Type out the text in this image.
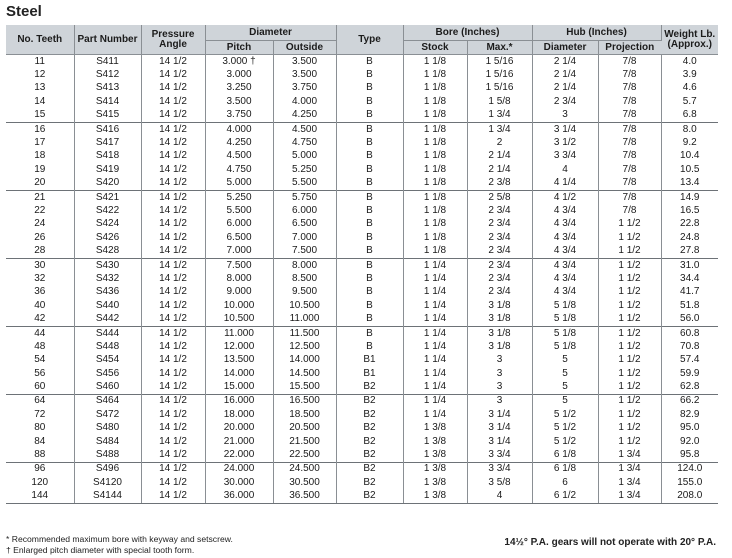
Steel
No. Teeth	Part Number	Pressure Angle	Diameter		Type	Bore (Inches)		Hub (Inches)		Weight Lb. (Approx.)
			Pitch	Outside		Stock	Max.*	Diameter	Projection	
11	S411	14 1/2	3.000 †	3.500	B	1 1/8	1 5/16	2 1/4	7/8	4.0
12	S412	14 1/2	3.000	3.500	B	1 1/8	1 5/16	2 1/4	7/8	3.9
13	S413	14 1/2	3.250	3.750	B	1 1/8	1 5/16	2 1/4	7/8	4.6
14	S414	14 1/2	3.500	4.000	B	1 1/8	1 5/8	2 3/4	7/8	5.7
15	S415	14 1/2	3.750	4.250	B	1 1/8	1 3/4	3	7/8	6.8
16	S416	14 1/2	4.000	4.500	B	1 1/8	1 3/4	3 1/4	7/8	8.0
17	S417	14 1/2	4.250	4.750	B	1 1/8	2	3 1/2	7/8	9.2
18	S418	14 1/2	4.500	5.000	B	1 1/8	2 1/4	3 3/4	7/8	10.4
19	S419	14 1/2	4.750	5.250	B	1 1/8	2 1/4	4	7/8	10.5
20	S420	14 1/2	5.000	5.500	B	1 1/8	2 3/8	4 1/4	7/8	13.4
21	S421	14 1/2	5.250	5.750	B	1 1/8	2 5/8	4 1/2	7/8	14.9
22	S422	14 1/2	5.500	6.000	B	1 1/8	2 3/4	4 3/4	7/8	16.5
24	S424	14 1/2	6.000	6.500	B	1 1/8	2 3/4	4 3/4	1 1/2	22.8
26	S426	14 1/2	6.500	7.000	B	1 1/8	2 3/4	4 3/4	1 1/2	24.8
28	S428	14 1/2	7.000	7.500	B	1 1/8	2 3/4	4 3/4	1 1/2	27.8
30	S430	14 1/2	7.500	8.000	B	1 1/4	2 3/4	4 3/4	1 1/2	31.0
32	S432	14 1/2	8.000	8.500	B	1 1/4	2 3/4	4 3/4	1 1/2	34.4
36	S436	14 1/2	9.000	9.500	B	1 1/4	2 3/4	4 3/4	1 1/2	41.7
40	S440	14 1/2	10.000	10.500	B	1 1/4	3 1/8	5 1/8	1 1/2	51.8
42	S442	14 1/2	10.500	11.000	B	1 1/4	3 1/8	5 1/8	1 1/2	56.0
44	S444	14 1/2	11.000	11.500	B	1 1/4	3 1/8	5 1/8	1 1/2	60.8
48	S448	14 1/2	12.000	12.500	B	1 1/4	3 1/8	5 1/8	1 1/2	70.8
54	S454	14 1/2	13.500	14.000	B1	1 1/4	3	5	1 1/2	57.4
56	S456	14 1/2	14.000	14.500	B1	1 1/4	3	5	1 1/2	59.9
60	S460	14 1/2	15.000	15.500	B2	1 1/4	3	5	1 1/2	62.8
64	S464	14 1/2	16.000	16.500	B2	1 1/4	3	5	1 1/2	66.2
72	S472	14 1/2	18.000	18.500	B2	1 1/4	3 1/4	5 1/2	1 1/2	82.9
80	S480	14 1/2	20.000	20.500	B2	1 3/8	3 1/4	5 1/2	1 1/2	95.0
84	S484	14 1/2	21.000	21.500	B2	1 3/8	3 1/4	5 1/2	1 1/2	92.0
88	S488	14 1/2	22.000	22.500	B2	1 3/8	3 3/4	6 1/8	1 3/4	95.8
96	S496	14 1/2	24.000	24.500	B2	1 3/8	3 3/4	6 1/8	1 3/4	124.0
120	S4120	14 1/2	30.000	30.500	B2	1 3/8	3 5/8	6	1 3/4	155.0
144	S4144	14 1/2	36.000	36.500	B2	1 3/8	4	6 1/2	1 3/4	208.0
* Recommended maximum bore with keyway and setscrew.
† Enlarged pitch diameter with special tooth form.
14½° P.A. gears will not operate with 20° P.A.
